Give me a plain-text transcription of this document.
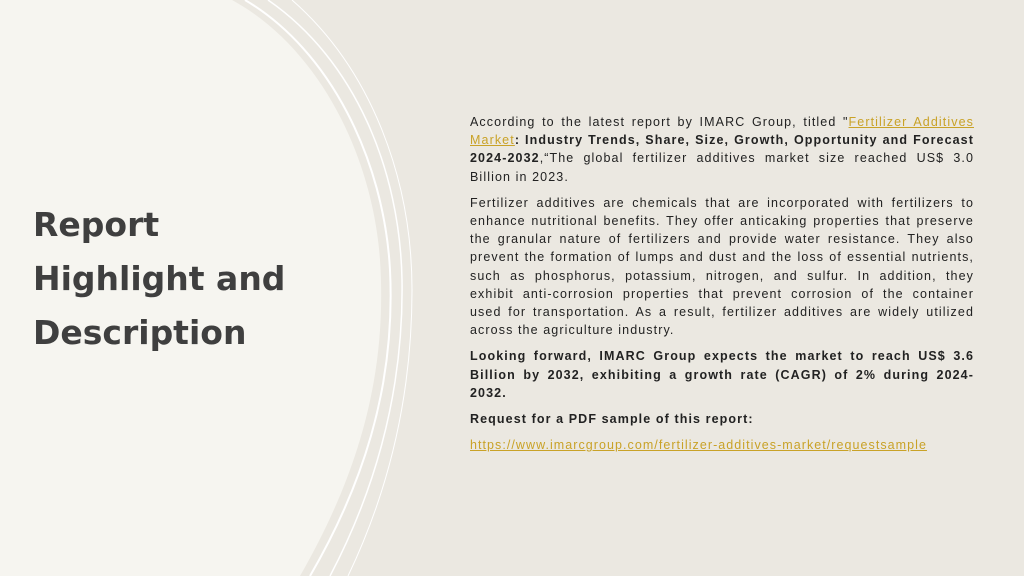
Report
Highlight and
Description

According to the latest report by IMARC Group, titled "Fertilizer Additives Market: Industry Trends, Share, Size, Growth, Opportunity and Forecast 2024-2032,“The global fertilizer additives market size reached US$ 3.0 Billion in 2023.

Fertilizer additives are chemicals that are incorporated with fertilizers to enhance nutritional benefits. They offer anticaking properties that preserve the granular nature of fertilizers and provide water resistance. They also prevent the formation of lumps and dust and the loss of essential nutrients, such as phosphorus, potassium, nitrogen, and sulfur. In addition, they exhibit anti-corrosion properties that prevent corrosion of the container used for transportation. As a result, fertilizer additives are widely utilized across the agriculture industry.

Looking forward, IMARC Group expects the market to reach US$ 3.6 Billion by 2032, exhibiting a growth rate (CAGR) of 2% during 2024-2032.

Request for a PDF sample of this report:

https://www.imarcgroup.com/fertilizer-additives-market/requestsample
